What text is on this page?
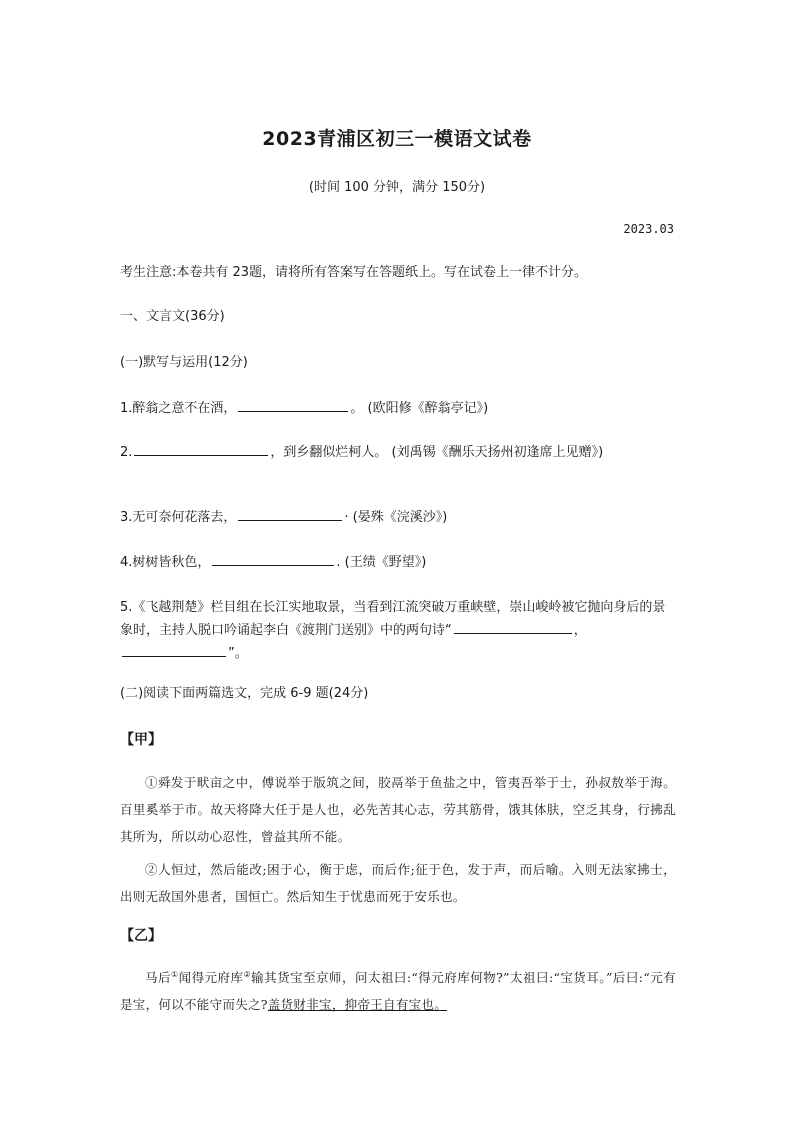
2023青浦区初三一模语文试卷
(时间 100 分钟，满分 150分)
2023.03
考生注意:本卷共有 23题，请将所有答案写在答题纸上。写在试卷上一律不计分。
一、文言文(36分)
(一)默写与运用(12分)
1.醉翁之意不在酒，	。 (欧阳修《醉翁亭记》)
2.	，到乡翻似烂柯人。 (刘禹锡《酬乐天扬州初逢席上见赠》)
3.无可奈何花落去，	· (晏殊《浣溪沙》)
4.树树皆秋色，	. (王绩《野望》)
5.《飞越荆楚》栏目组在长江实地取景，当看到江流突破万重峡壁，崇山峻岭被它抛向身后的景象时，主持人脱口吟诵起李白《渡荆门送别》中的两句诗“	，”。
(二)阅读下面两篇选文，完成 6-9 题(24分)
【甲】
①舜发于畎亩之中，傅说举于版筑之间，胶鬲举于鱼盐之中，管夷吾举于士，孙叔敖举于海。百里奚举于市。故天将降大任于是人也，必先苦其心志，劳其筋骨，饿其体肤，空乏其身，行拂乱其所为，所以动心忍性，曾益其所不能。
②人恒过，然后能改;困于心，衡于虑，而后作;征于色，发于声，而后喻。入则无法家拂士，出则无敌国外患者，国恒亡。然后知生于忧患而死于安乐也。
【乙】
马后①闻得元府库②输其货宝至京师，问太祖曰:“得元府库何物?”太祖曰:“宝货耳。”后曰:“元有是宝，何以不能守而失之?盖货财非宝，抑帝王自有宝也。
